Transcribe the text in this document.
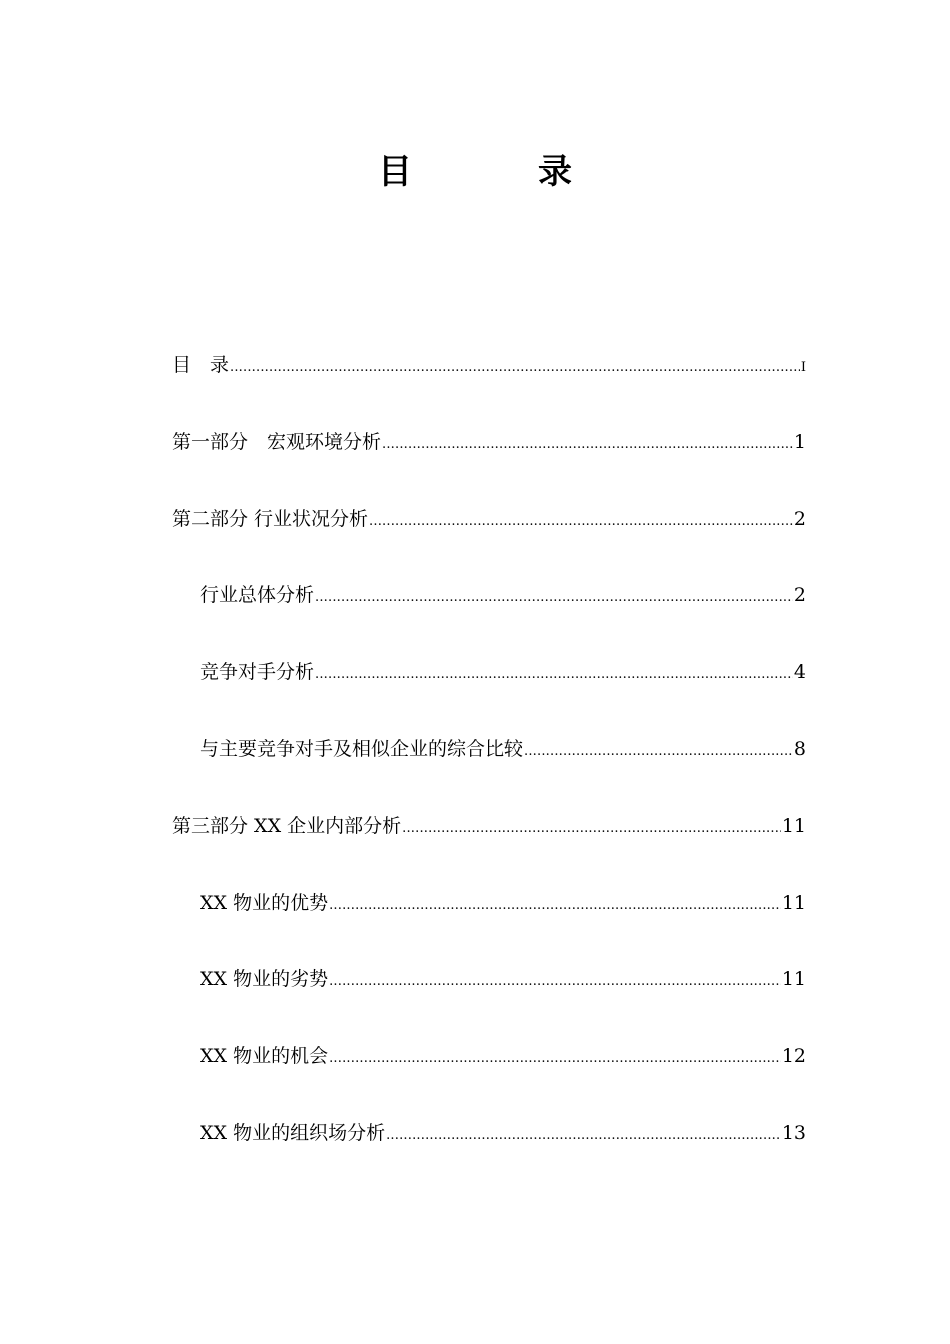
目　录
目　录 .....	I
第一部分　宏观环境分析 .....	1
第二部分 行业状况分析 .....	2
行业总体分析 .....	2
竞争对手分析 .....	4
与主要竞争对手及相似企业的综合比较 .....	8
第三部分 XX 企业内部分析 .....	11
XX 物业的优势 .....	11
XX 物业的劣势 .....	11
XX 物业的机会 .....	12
XX 物业的组织场分析 .....	13
